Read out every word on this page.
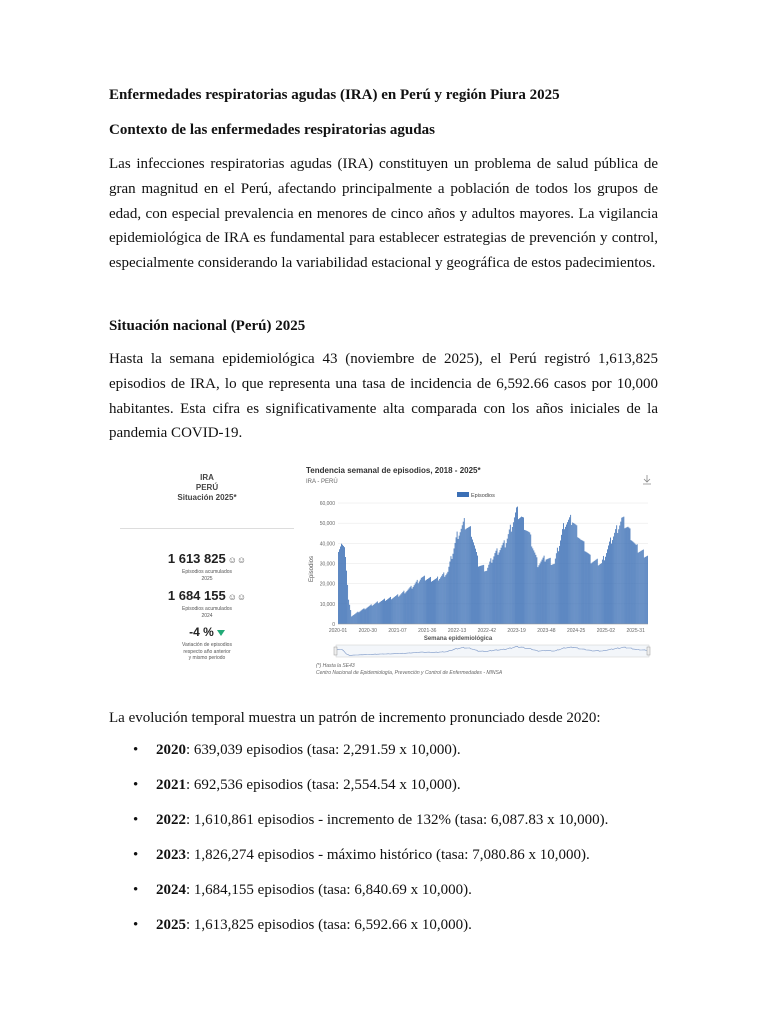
Enfermedades respiratorias agudas (IRA) en Perú y región Piura 2025

Contexto de las enfermedades respiratorias agudas

Las infecciones respiratorias agudas (IRA) constituyen un problema de salud pública de gran magnitud en el Perú, afectando principalmente a población de todos los grupos de edad, con especial prevalencia en menores de cinco años y adultos mayores. La vigilancia epidemiológica de IRA es fundamental para establecer estrategias de prevención y control, especialmente considerando la variabilidad estacional y geográfica de estos padecimientos.

Situación nacional (Perú) 2025

Hasta la semana epidemiológica 43 (noviembre de 2025), el Perú registró 1,613,825 episodios de IRA, lo que representa una tasa de incidencia de 6,592.66 casos por 10,000 habitantes. Esta cifra es significativamente alta comparada con los años iniciales de la pandemia COVID-19.

IRA
PERÚ
Situación 2025*
1 613 825 ☺☺
Episodios acumulados
2025
1 684 155 ☺☺
Episodios acumulados
2024
-4 %
Variación de episodios
respecto año anterior
y mismo periodo
Tendencia semanal de episodios, 2018 - 2025*
IRA - PERÚ
Episodios
0
10,000
20,000
30,000
40,000
50,000
60,000
2020-01 2020-30 2021-07 2021-36 2022-13 2022-42 2023-19 2023-48 2024-25 2025-02 2025-31
Semana epidemiológica
Episodios
(*) Hasta la SE43
Centro Nacional de Epidemiología, Prevención y Control de Enfermedades - MINSA

La evolución temporal muestra un patrón de incremento pronunciado desde 2020:

• 2020: 639,039 episodios (tasa: 2,291.59 x 10,000).
• 2021: 692,536 episodios (tasa: 2,554.54 x 10,000).
• 2022: 1,610,861 episodios - incremento de 132% (tasa: 6,087.83 x 10,000).
• 2023: 1,826,274 episodios - máximo histórico (tasa: 7,080.86 x 10,000).
• 2024: 1,684,155 episodios (tasa: 6,840.69 x 10,000).
• 2025: 1,613,825 episodios (tasa: 6,592.66 x 10,000).
